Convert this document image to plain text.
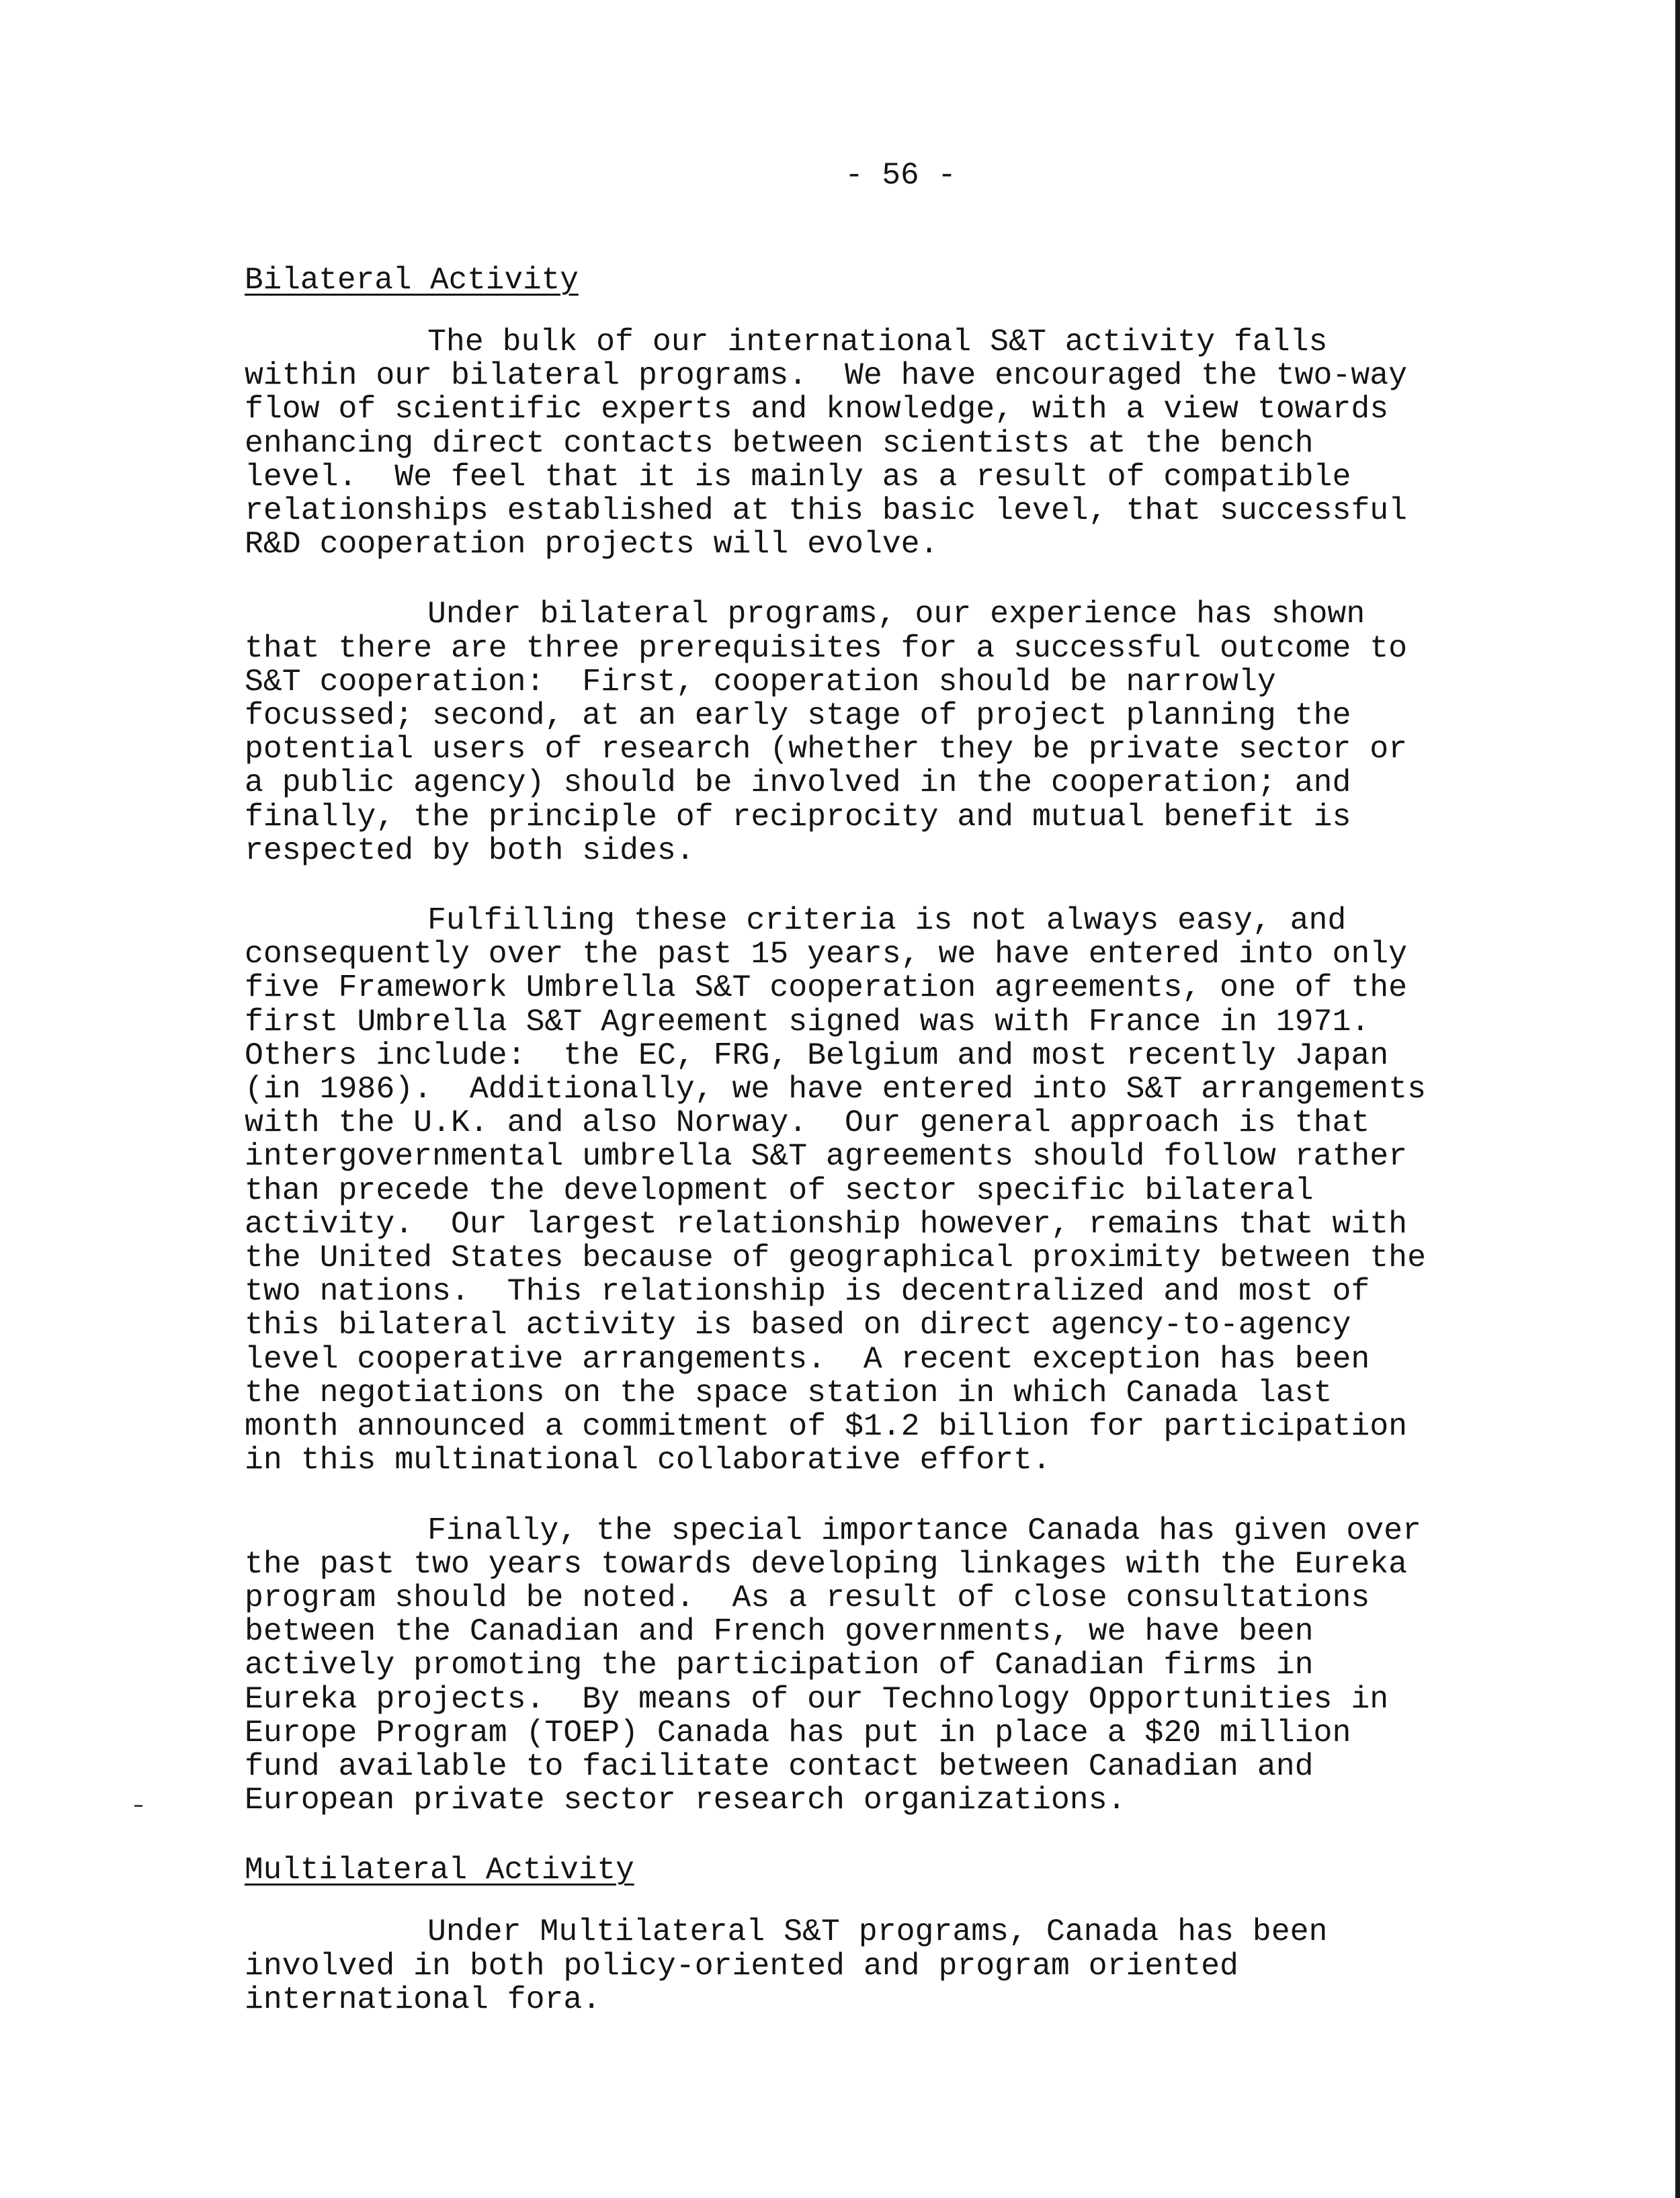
- 56 -
Bilateral Activity
The bulk of our international S&T activity falls
within our bilateral programs.  We have encouraged the two-way
flow of scientific experts and knowledge, with a view towards
enhancing direct contacts between scientists at the bench
level.  We feel that it is mainly as a result of compatible
relationships established at this basic level, that successful
R&D cooperation projects will evolve.
Under bilateral programs, our experience has shown
that there are three prerequisites for a successful outcome to
S&T cooperation:  First, cooperation should be narrowly
focussed; second, at an early stage of project planning the
potential users of research (whether they be private sector or
a public agency) should be involved in the cooperation; and
finally, the principle of reciprocity and mutual benefit is
respected by both sides.
Fulfilling these criteria is not always easy, and
consequently over the past 15 years, we have entered into only
five Framework Umbrella S&T cooperation agreements, one of the
first Umbrella S&T Agreement signed was with France in 1971.
Others include:  the EC, FRG, Belgium and most recently Japan
(in 1986).  Additionally, we have entered into S&T arrangements
with the U.K. and also Norway.  Our general approach is that
intergovernmental umbrella S&T agreements should follow rather
than precede the development of sector specific bilateral
activity.  Our largest relationship however, remains that with
the United States because of geographical proximity between the
two nations.  This relationship is decentralized and most of
this bilateral activity is based on direct agency-to-agency
level cooperative arrangements.  A recent exception has been
the negotiations on the space station in which Canada last
month announced a commitment of $1.2 billion for participation
in this multinational collaborative effort.
Finally, the special importance Canada has given over
the past two years towards developing linkages with the Eureka
program should be noted.  As a result of close consultations
between the Canadian and French governments, we have been
actively promoting the participation of Canadian firms in
Eureka projects.  By means of our Technology Opportunities in
Europe Program (TOEP) Canada has put in place a $20 million
fund available to facilitate contact between Canadian and
European private sector research organizations.
Multilateral Activity
Under Multilateral S&T programs, Canada has been
involved in both policy-oriented and program oriented
international fora.
